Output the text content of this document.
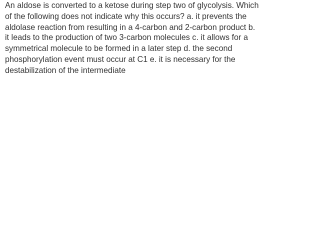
An aldose is converted to a ketose during step two of glycolysis. Which of the following does not indicate why this occurs? a. it prevents the aldolase reaction from resulting in a 4-carbon and 2-carbon product b. it leads to the production of two 3-carbon molecules c. it allows for a symmetrical molecule to be formed in a later step d. the second phosphorylation event must occur at C1 e. it is necessary for the destabilization of the intermediate
